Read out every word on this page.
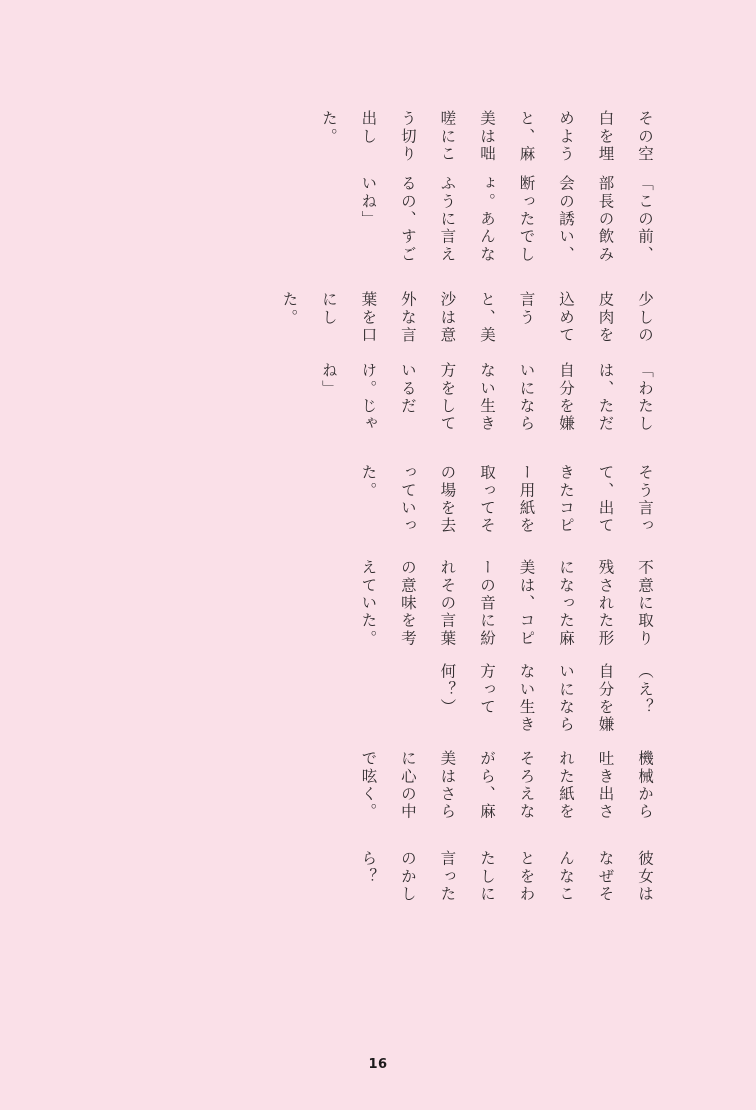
その空白を埋めようと、麻美は咄嗟にこう切り出した。

「この前、部長の飲み会の誘い、断ったでしょ。あんなふうに言えるの、すごいね」

少しの皮肉を込めて言うと、美沙は意外な言葉を口にした。

「わたしは、ただ自分を嫌いにならない生き方をしているだけ。じゃね」

そう言って、出てきたコピー用紙を取ってその場を去っていった。

不意に取り残された形になった麻美は、コピーの音に紛れその言葉の意味を考えていた。

（え？　自分を嫌いにならない生き方って何？）

機械から吐き出された紙をそろえながら、麻美はさらに心の中で呟く。

彼女はなぜそんなことをわたしに言ったのかしら？

16
